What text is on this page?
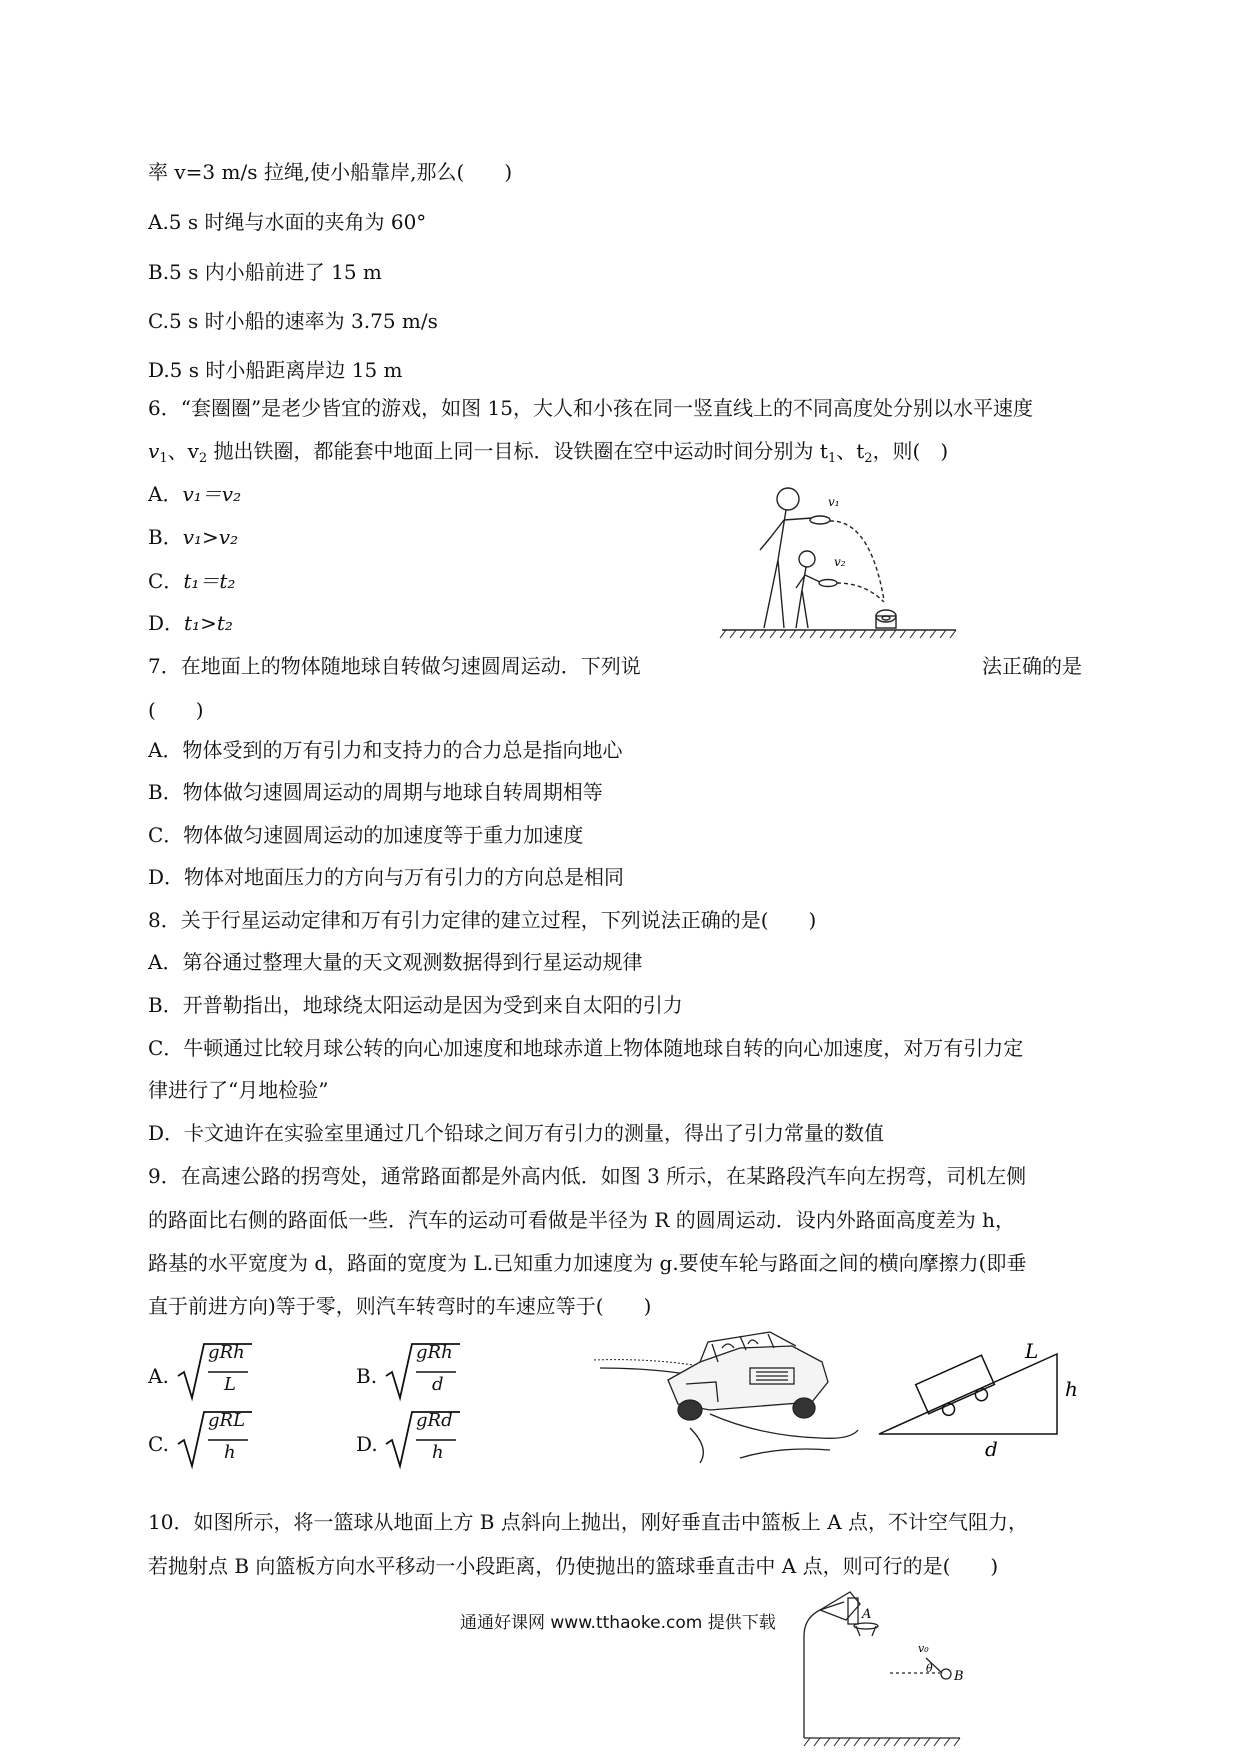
率 v=3 m/s 拉绳,使小船靠岸,那么(　　)
A.5 s 时绳与水面的夹角为 60°
B.5 s 内小船前进了 15 m
C.5 s 时小船的速率为 3.75 m/s
D.5 s 时小船距离岸边 15 m
6．“套圈圈”是老少皆宜的游戏，如图 15，大人和小孩在同一竖直线上的不同高度处分别以水平速度
$v_1$、$v_2$ 抛出铁圈，都能套中地面上同一目标．设铁圈在空中运动时间分别为 $t_1$、$t_2$，则(　)
A．v₁＝v₂
B．v₁>v₂
C．t₁＝t₂
D．t₁>t₂
v₁
v₂
7．在地面上的物体随地球自转做匀速圆周运动．下列说	法正确的是
(　　)
A．物体受到的万有引力和支持力的合力总是指向地心
B．物体做匀速圆周运动的周期与地球自转周期相等
C．物体做匀速圆周运动的加速度等于重力加速度
D．物体对地面压力的方向与万有引力的方向总是相同
8．关于行星运动定律和万有引力定律的建立过程，下列说法正确的是(　　)
A．第谷通过整理大量的天文观测数据得到行星运动规律
B．开普勒指出，地球绕太阳运动是因为受到来自太阳的引力
C．牛顿通过比较月球公转的向心加速度和地球赤道上物体随地球自转的向心加速度，对万有引力定
律进行了“月地检验”
D．卡文迪许在实验室里通过几个铅球之间万有引力的测量，得出了引力常量的数值
9．在高速公路的拐弯处，通常路面都是外高内低．如图 3 所示，在某路段汽车向左拐弯，司机左侧
的路面比右侧的路面低一些．汽车的运动可看做是半径为 R 的圆周运动．设内外路面高度差为 h，
路基的水平宽度为 d，路面的宽度为 L.已知重力加速度为 g.要使车轮与路面之间的横向摩擦力(即垂
直于前进方向)等于零，则汽车转弯时的车速应等于(　　)
A.
gRh
L	B.
gRh
d
C.
gRL
h	D.
gRd
h
L
h
d
10．如图所示，将一篮球从地面上方 B 点斜向上抛出，刚好垂直击中篮板上 A 点，不计空气阻力，
若抛射点 B 向篮板方向水平移动一小段距离，仍使抛出的篮球垂直击中 A 点，则可行的是(　　)
A
B
v₀
θ
通通好课网 www.tthaoke.com 提供下载
